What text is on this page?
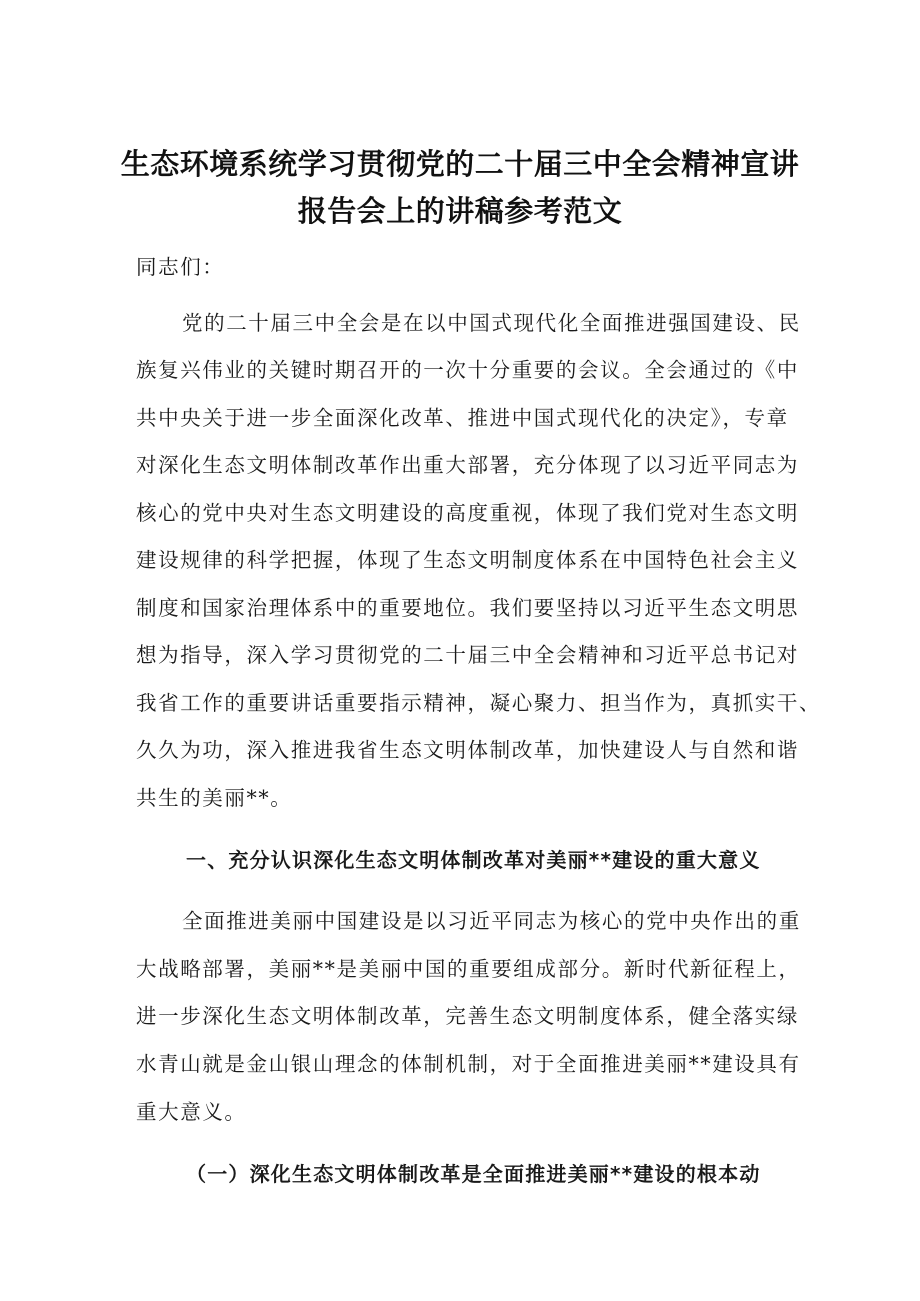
生态环境系统学习贯彻党的二十届三中全会精神宣讲
报告会上的讲稿参考范文
同志们：
党的二十届三中全会是在以中国式现代化全面推进强国建设、民
族复兴伟业的关键时期召开的一次十分重要的会议。全会通过的《中
共中央关于进一步全面深化改革、推进中国式现代化的决定》，专章
对深化生态文明体制改革作出重大部署，充分体现了以习近平同志为
核心的党中央对生态文明建设的高度重视，体现了我们党对生态文明
建设规律的科学把握，体现了生态文明制度体系在中国特色社会主义
制度和国家治理体系中的重要地位。我们要坚持以习近平生态文明思
想为指导，深入学习贯彻党的二十届三中全会精神和习近平总书记对
我省工作的重要讲话重要指示精神，凝心聚力、担当作为，真抓实干、
久久为功，深入推进我省生态文明体制改革，加快建设人与自然和谐
共生的美丽**。
一、充分认识深化生态文明体制改革对美丽**建设的重大意义
全面推进美丽中国建设是以习近平同志为核心的党中央作出的重
大战略部署，美丽**是美丽中国的重要组成部分。新时代新征程上，
进一步深化生态文明体制改革，完善生态文明制度体系，健全落实绿
水青山就是金山银山理念的体制机制，对于全面推进美丽**建设具有
重大意义。
（一）深化生态文明体制改革是全面推进美丽**建设的根本动
